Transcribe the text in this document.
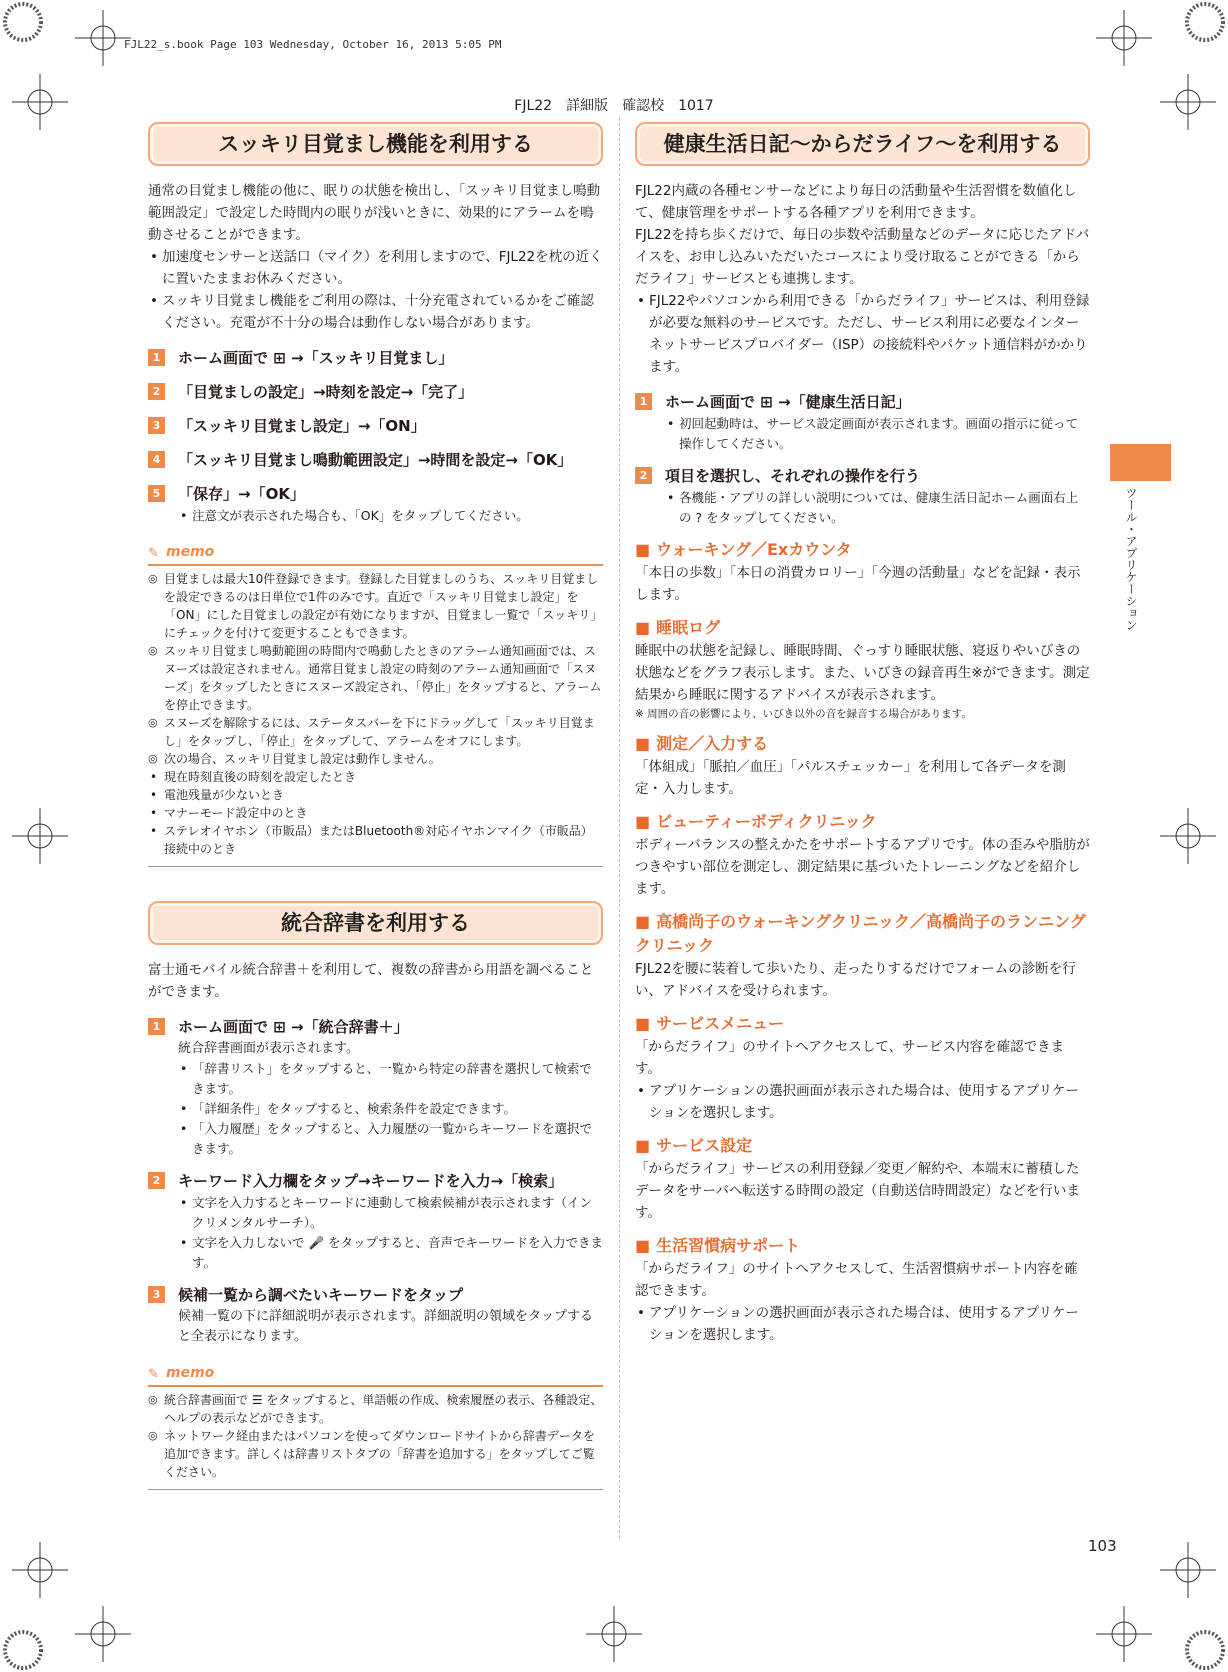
FJL22_s.book Page 103 Wednesday, October 16, 2013 5:05 PM
FJL22　詳細版　確認校　1017
スッキリ目覚まし機能を利用する

通常の目覚まし機能の他に、眠りの状態を検出し、「スッキリ目覚まし鳴動範囲設定」で設定した時間内の眠りが浅いときに、効果的にアラームを鳴動させることができます。

• 加速度センサーと送話口（マイク）を利用しますので、FJL22を枕の近くに置いたままお休みください。
• スッキリ目覚まし機能をご利用の際は、十分充電されているかをご確認ください。充電が不十分の場合は動作しない場合があります。
1	ホーム画面で ⊞ →「スッキリ目覚まし」
2	「目覚ましの設定」→時刻を設定→「完了」
3	「スッキリ目覚まし設定」→「ON」
4	「スッキリ目覚まし鳴動範囲設定」→時間を設定→「OK」
5	「保存」→「OK」
• 注意文が表示された場合も、「OK」をタップしてください。
✎ memo
◎ 目覚ましは最大10件登録できます。登録した目覚ましのうち、スッキリ目覚ましを設定できるのは日単位で1件のみです。直近で「スッキリ目覚まし設定」を「ON」にした目覚ましの設定が有効になりますが、目覚まし一覧で「スッキリ」にチェックを付けて変更することもできます。
◎ スッキリ目覚まし鳴動範囲の時間内で鳴動したときのアラーム通知画面では、スヌーズは設定されません。通常目覚まし設定の時刻のアラーム通知画面で「スヌーズ」をタップしたときにスヌーズ設定され、「停止」をタップすると、アラームを停止できます。
◎ スヌーズを解除するには、ステータスバーを下にドラッグして「スッキリ目覚まし」をタップし、「停止」をタップして、アラームをオフにします。
◎ 次の場合、スッキリ目覚まし設定は動作しません。
• 現在時刻直後の時刻を設定したとき
• 電池残量が少ないとき
• マナーモード設定中のとき
• ステレオイヤホン（市販品）またはBluetooth®対応イヤホンマイク（市販品）接続中のとき
統合辞書を利用する

富士通モバイル統合辞書＋を利用して、複数の辞書から用語を調べることができます。

1	ホーム画面で ⊞ →「統合辞書＋」
統合辞書画面が表示されます。
• 「辞書リスト」をタップすると、一覧から特定の辞書を選択して検索できます。
• 「詳細条件」をタップすると、検索条件を設定できます。
• 「入力履歴」をタップすると、入力履歴の一覧からキーワードを選択できます。
2	キーワード入力欄をタップ→キーワードを入力→「検索」
• 文字を入力するとキーワードに連動して検索候補が表示されます（インクリメンタルサーチ）。
• 文字を入力しないで 🎤 をタップすると、音声でキーワードを入力できます。
3	候補一覧から調べたいキーワードをタップ
候補一覧の下に詳細説明が表示されます。詳細説明の領域をタップすると全表示になります。
✎ memo
◎ 統合辞書画面で ☰ をタップすると、単語帳の作成、検索履歴の表示、各種設定、ヘルプの表示などができます。
◎ ネットワーク経由またはパソコンを使ってダウンロードサイトから辞書データを追加できます。詳しくは辞書リストタブの「辞書を追加する」をタップしてご覧ください。
健康生活日記～からだライフ～を利用する

FJL22内蔵の各種センサーなどにより毎日の活動量や生活習慣を数値化して、健康管理をサポートする各種アプリを利用できます。

FJL22を持ち歩くだけで、毎日の歩数や活動量などのデータに応じたアドバイスを、お申し込みいただいたコースにより受け取ることができる「からだライフ」サービスとも連携します。

• FJL22やパソコンから利用できる「からだライフ」サービスは、利用登録が必要な無料のサービスです。ただし、サービス利用に必要なインターネットサービスプロバイダー（ISP）の接続料やパケット通信料がかかります。
1	ホーム画面で ⊞ →「健康生活日記」
• 初回起動時は、サービス設定画面が表示されます。画面の指示に従って操作してください。
2	項目を選択し、それぞれの操作を行う
• 各機能・アプリの詳しい説明については、健康生活日記ホーム画面右上の ? をタップしてください。
■ ウォーキング／Exカウンタ

「本日の歩数」「本日の消費カロリー」「今週の活動量」などを記録・表示します。

■ 睡眠ログ

睡眠中の状態を記録し、睡眠時間、ぐっすり睡眠状態、寝返りやいびきの状態などをグラフ表示します。また、いびきの録音再生※ができます。測定結果から睡眠に関するアドバイスが表示されます。

※ 周囲の音の影響により、いびき以外の音を録音する場合があります。
■ 測定／入力する

「体組成」「脈拍／血圧」「パルスチェッカー」を利用して各データを測定・入力します。

■ ビューティーボディクリニック

ボディーバランスの整えかたをサポートするアプリです。体の歪みや脂肪がつきやすい部位を測定し、測定結果に基づいたトレーニングなどを紹介します。

■ 高橋尚子のウォーキングクリニック／高橋尚子のランニングクリニック

FJL22を腰に装着して歩いたり、走ったりするだけでフォームの診断を行い、アドバイスを受けられます。

■ サービスメニュー

「からだライフ」のサイトへアクセスして、サービス内容を確認できます。

• アプリケーションの選択画面が表示された場合は、使用するアプリケーションを選択します。
■ サービス設定

「からだライフ」サービスの利用登録／変更／解約や、本端末に蓄積したデータをサーバへ転送する時間の設定（自動送信時間設定）などを行います。

■ 生活習慣病サポート

「からだライフ」のサイトへアクセスして、生活習慣病サポート内容を確認できます。

• アプリケーションの選択画面が表示された場合は、使用するアプリケーションを選択します。
ツール・アプリケーション
103
